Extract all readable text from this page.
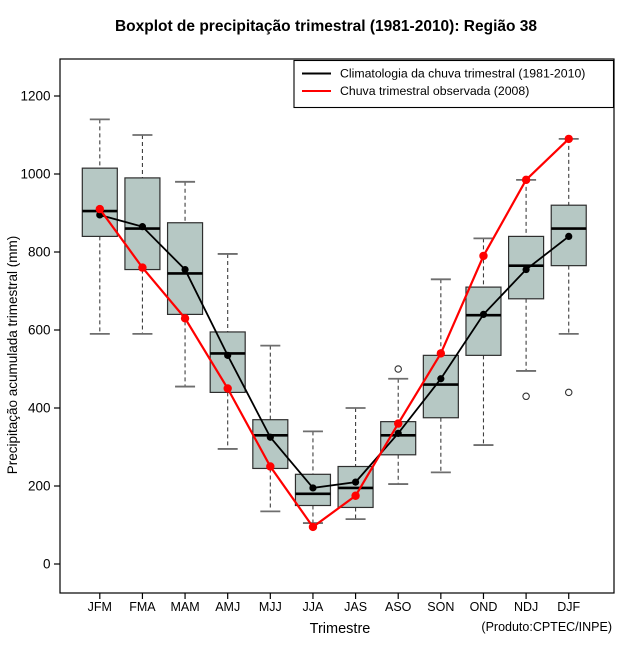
Boxplot de precipitação trimestral (1981-2010): Região 38
Precipitação acumulada trimestral (mm)
0
200
400
600
800
1000
1200
JFM FMA MAM AMJ MJJ JJA JAS ASO SON OND NDJ DJF
Climatologia da chuva trimestral (1981-2010)
Chuva trimestral observada (2008)
Trimestre	(Produto:CPTEC/INPE)
